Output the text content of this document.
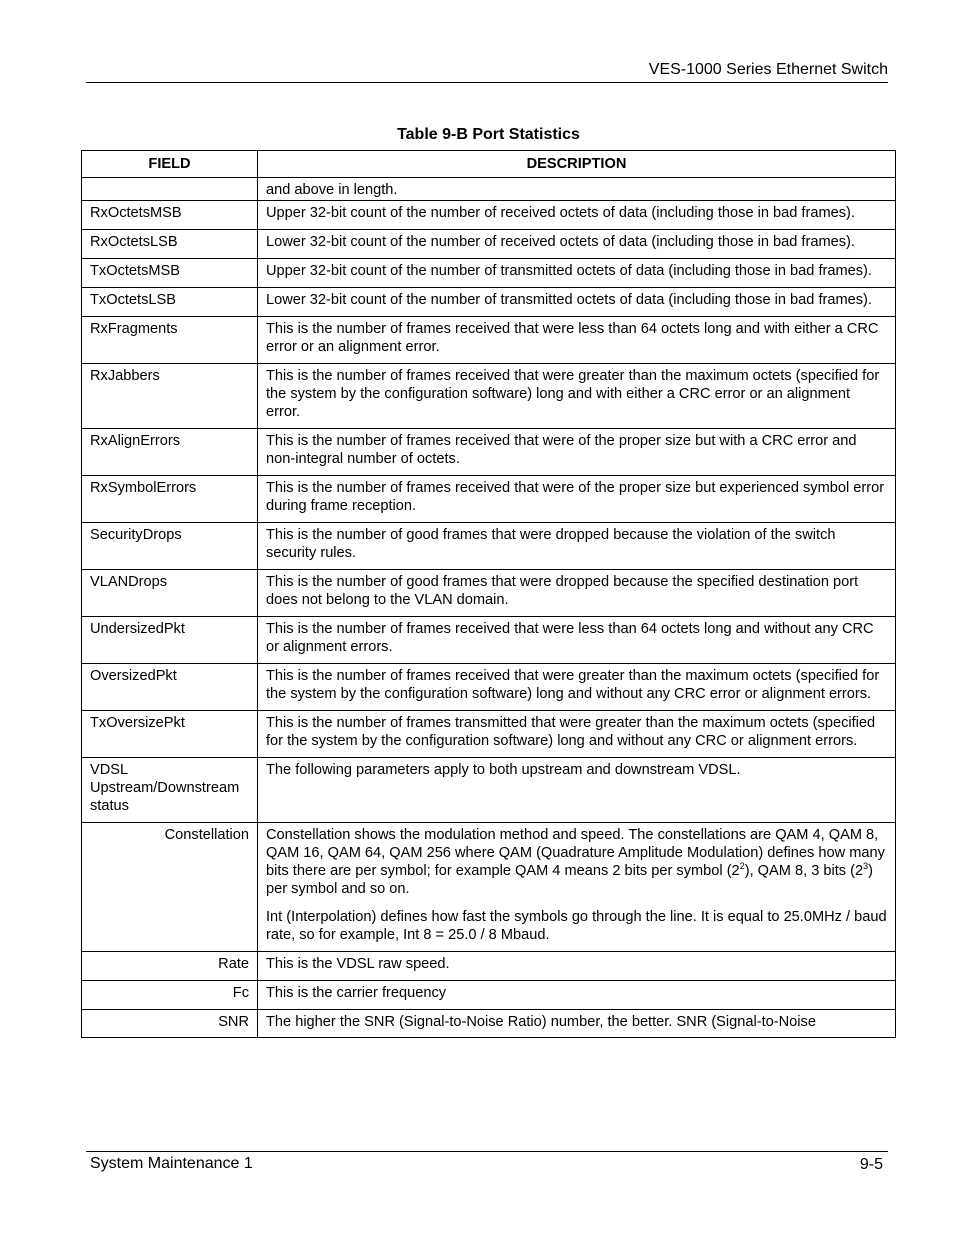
VES-1000 Series Ethernet Switch
Table 9-B Port Statistics
FIELD	DESCRIPTION
	and above in length.
RxOctetsMSB	Upper 32-bit count of the number of received octets of data (including those in bad frames).
RxOctetsLSB	Lower 32-bit count of the number of received octets of data (including those in bad frames).
TxOctetsMSB	Upper 32-bit count of the number of transmitted octets of data (including those in bad frames).
TxOctetsLSB	Lower 32-bit count of the number of transmitted octets of data (including those in bad frames).
RxFragments	This is the number of frames received that were less than 64 octets long and with either a CRC error or an alignment error.
RxJabbers	This is the number of frames received that were greater than the maximum octets (specified for the system by the configuration software) long and with either a CRC error or an alignment error.
RxAlignErrors	This is the number of frames received that were of the proper size but with a CRC error and non-integral number of octets.
RxSymbolErrors	This is the number of frames received that were of the proper size but experienced symbol error during frame reception.
SecurityDrops	This is the number of good frames that were dropped because the violation of the switch security rules.
VLANDrops	This is the number of good frames that were dropped because the specified destination port does not belong to the VLAN domain.
UndersizedPkt	This is the number of frames received that were less than 64 octets long and without any CRC or alignment errors.
OversizedPkt	This is the number of frames received that were greater than the maximum octets (specified for the system by the configuration software) long and without any CRC error or alignment errors.
TxOversizePkt	This is the number of frames transmitted that were greater than the maximum octets (specified for the system by the configuration software) long and without any CRC or alignment errors.
VDSL Upstream/Downstream status	The following parameters apply to both upstream and downstream VDSL.
Constellation	Constellation shows the modulation method and speed. The constellations are QAM 4, QAM 8, QAM 16, QAM 64, QAM 256 where QAM (Quadrature Amplitude Modulation) defines how many bits there are per symbol; for example QAM 4 means 2 bits per symbol $(2^2)$, QAM 8, 3 bits $(2^3)$ per symbol and so on.

Int (Interpolation) defines how fast the symbols go through the line. It is equal to 25.0MHz / baud rate, so for example, Int 8 = 25.0 / 8 Mbaud.

Rate	This is the VDSL raw speed.
Fc	This is the carrier frequency
SNR	The higher the SNR (Signal-to-Noise Ratio) number, the better. SNR (Signal-to-Noise
System Maintenance 1	9-5
